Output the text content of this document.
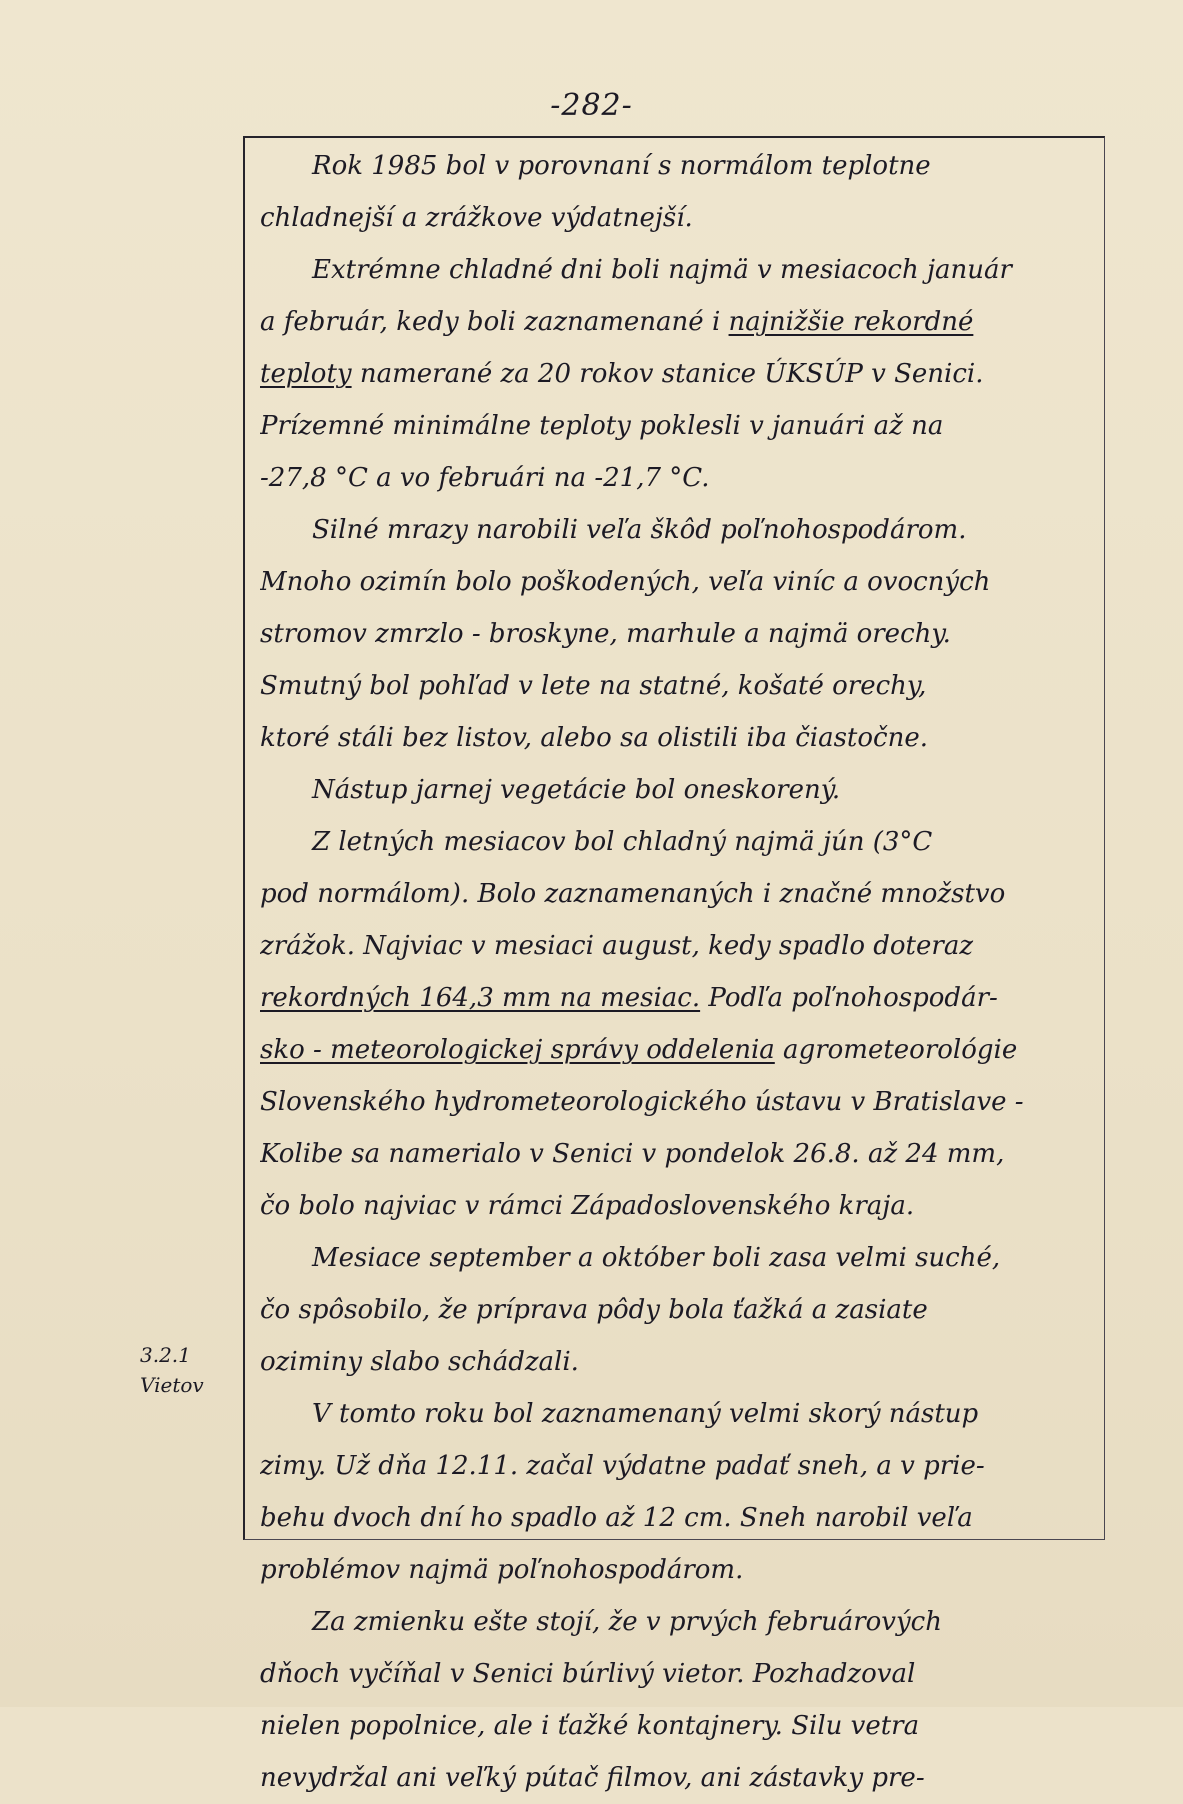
-282-
3.2.1
Vietov
Rok 1985 bol v porovnaní s normálom teplotne
chladnejší a zrážkove výdatnejší.
Extrémne chladné dni boli najmä v mesiacoch január
a február, kedy boli zaznamenané i najnižšie rekordné
teploty namerané za 20 rokov stanice ÚKSÚP v Senici.
Prízemné minimálne teploty poklesli v januári až na
-27,8 °C a vo februári na -21,7 °C.
Silné mrazy narobili veľa škôd poľnohospodárom.
Mnoho ozimín bolo poškodených, veľa viníc a ovocných
stromov zmrzlo - broskyne, marhule a najmä orechy.
Smutný bol pohľad v lete na statné, košaté orechy,
ktoré stáli bez listov, alebo sa olistili iba čiastočne.
Nástup jarnej vegetácie bol oneskorený.
Z letných mesiacov bol chladný najmä jún (3°C
pod normálom). Bolo zaznamenaných i značné množstvo
zrážok. Najviac v mesiaci august, kedy spadlo doteraz
rekordných 164,3 mm na mesiac. Podľa poľnohospodár-
sko - meteorologickej správy oddelenia agrometeorológie
Slovenského hydrometeorologického ústavu v Bratislave -
Kolibe sa namerialo v Senici v pondelok 26.8. až 24 mm,
čo bolo najviac v rámci Západoslovenského kraja.
Mesiace september a október boli zasa velmi suché,
čo spôsobilo, že príprava pôdy bola ťažká a zasiate
oziminy slabo schádzali.
V tomto roku bol zaznamenaný velmi skorý nástup
zimy. Už dňa 12.11. začal výdatne padať sneh, a v prie-
behu dvoch dní ho spadlo až 12 cm. Sneh narobil veľa
problémov najmä poľnohospodárom.
Za zmienku ešte stojí, že v prvých februárových
dňoch vyčíňal v Senici búrlivý vietor. Pozhadzoval
nielen popolnice, ale i ťažké kontajnery. Silu vetra
nevydržal ani veľký pútač filmov, ani zástavky pre-
